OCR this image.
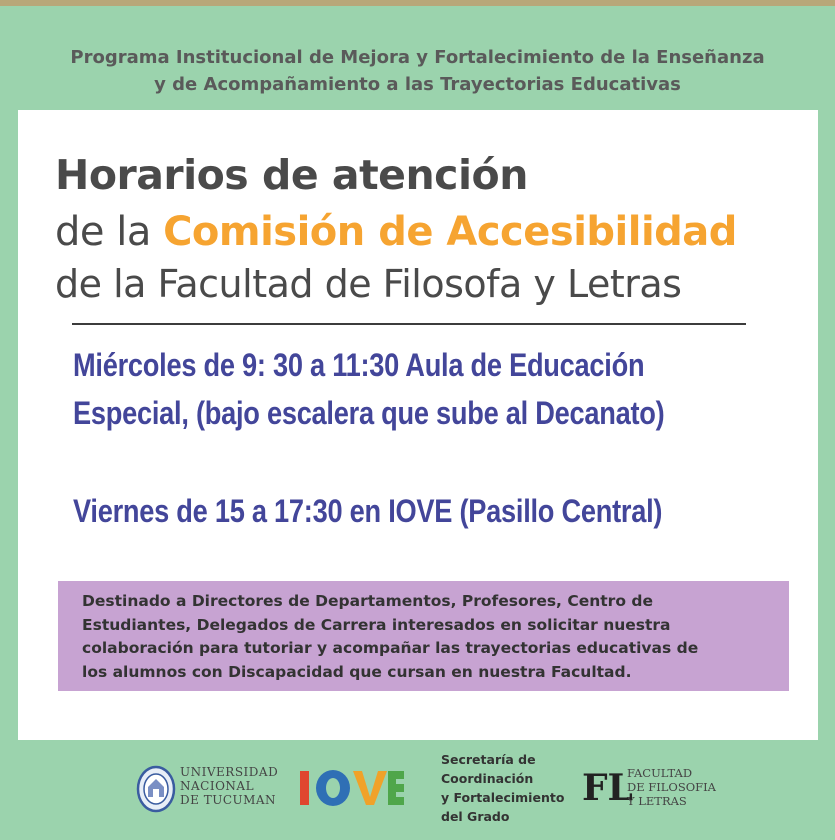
Programa Institucional de Mejora y Fortalecimiento de la Enseñanza
y de Acompañamiento a las Trayectorias Educativas
Horarios de atención
de la Comisión de Accesibilidad
de la Facultad de Filosofa y Letras
Miércoles de 9: 30 a 11:30 Aula de Educación
Especial, (bajo escalera que sube al Decanato)
Viernes de 15 a 17:30 en IOVE (Pasillo Central)
Destinado a Directores de Departamentos, Profesores, Centro de
Estudiantes, Delegados de Carrera interesados en solicitar nuestra
colaboración para tutoriar y acompañar las trayectorias educativas de
los alumnos con Discapacidad que cursan en nuestra Facultad.
UNIVERSIDAD
NACIONAL
DE TUCUMAN
Secretaría de
Coordinación
y Fortalecimiento
del Grado
FL
FACULTAD
DE FILOSOFIA
Y LETRAS
